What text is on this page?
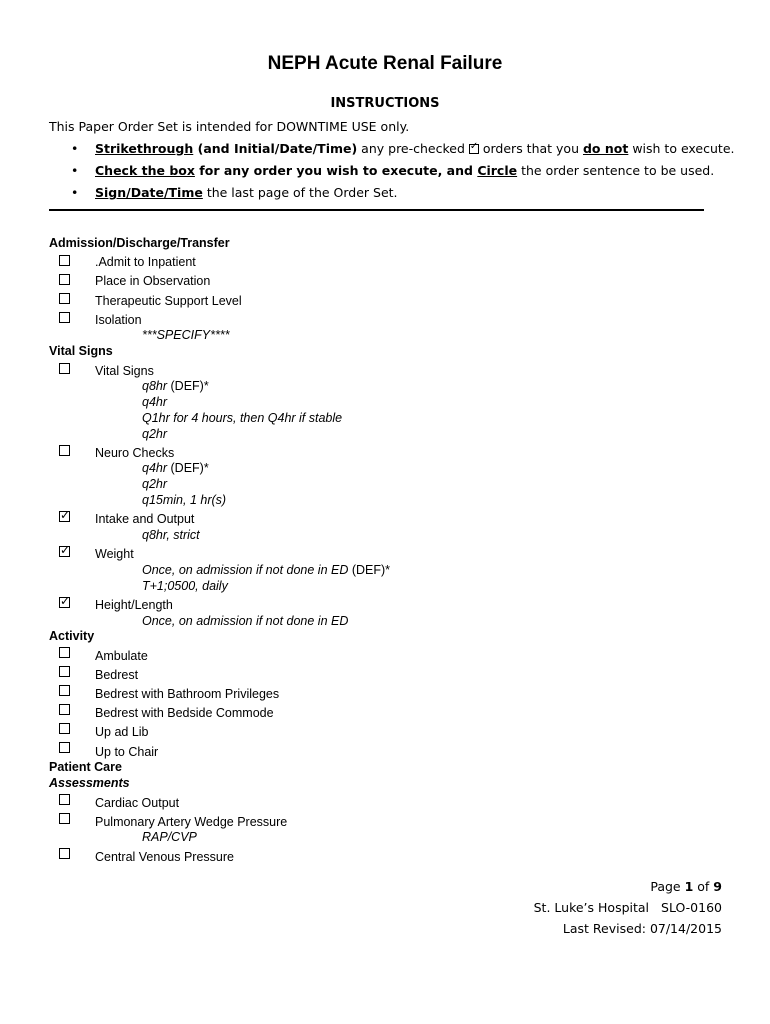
NEPH Acute Renal Failure
INSTRUCTIONS
This Paper Order Set is intended for DOWNTIME USE only.
• Strikethrough (and Initial/Date/Time) any pre-checked ✓ orders that you do not wish to execute.
• Check the box for any order you wish to execute, and Circle the order sentence to be used.
• Sign/Date/Time the last page of the Order Set.
Admission/Discharge/Transfer
.Admit to Inpatient
Place in Observation
Therapeutic Support Level
Isolation
***SPECIFY****
Vital Signs
Vital Signs
q8hr (DEF)*
q4hr
Q1hr for 4 hours, then Q4hr if stable
q2hr
Neuro Checks
q4hr (DEF)*
q2hr
q15min, 1 hr(s)
✓
Intake and Output
q8hr, strict
✓
Weight
Once, on admission if not done in ED (DEF)*
T+1;0500, daily
✓
Height/Length
Once, on admission if not done in ED
Activity
Ambulate
Bedrest
Bedrest with Bathroom Privileges
Bedrest with Bedside Commode
Up ad Lib
Up to Chair
Patient Care
Assessments
Cardiac Output
Pulmonary Artery Wedge Pressure
RAP/CVP
Central Venous Pressure
Page 1 of 9
St. Luke’s Hospital SLO-0160
Last Revised: 07/14/2015
